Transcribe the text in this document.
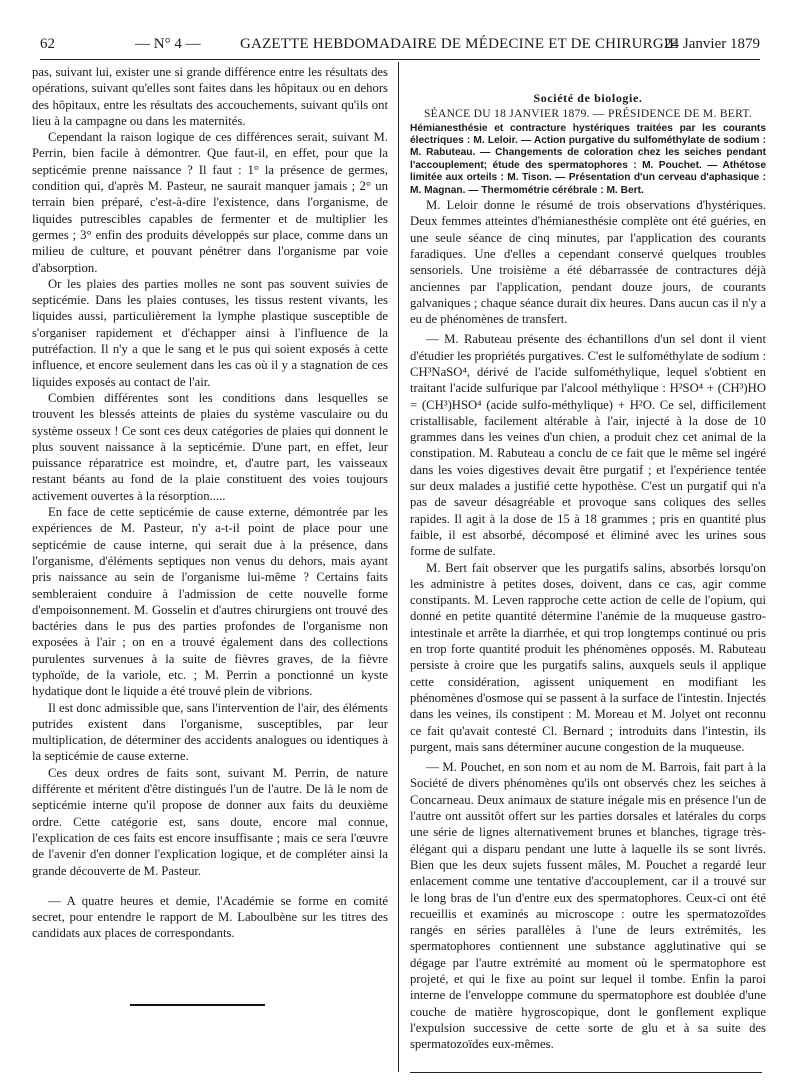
62	— N° 4 —	GAZETTE HEBDOMADAIRE DE MÉDECINE ET DE CHIRURGIE
24 Janvier 1879

pas, suivant lui, exister une si grande différence entre les résultats des opérations, suivant qu'elles sont faites dans les hôpitaux ou en dehors des hôpitaux, entre les résultats des accouchements, suivant qu'ils ont lieu à la campagne ou dans les maternités.

Cependant la raison logique de ces différences serait, suivant M. Perrin, bien facile à démontrer. Que faut-il, en effet, pour que la septicémie prenne naissance ? Il faut : 1° la présence de germes, condition qui, d'après M. Pasteur, ne saurait manquer jamais ; 2° un terrain bien préparé, c'est-à-dire l'existence, dans l'organisme, de liquides putrescibles capables de fermenter et de multiplier les germes ; 3° enfin des produits développés sur place, comme dans un milieu de culture, et pouvant pénétrer dans l'organisme par voie d'absorption.

Or les plaies des parties molles ne sont pas souvent suivies de septicémie. Dans les plaies contuses, les tissus restent vivants, les liquides aussi, particulièrement la lymphe plastique susceptible de s'organiser rapidement et d'échapper ainsi à l'influence de la putréfaction. Il n'y a que le sang et le pus qui soient exposés à cette influence, et encore seulement dans les cas où il y a stagnation de ces liquides exposés au contact de l'air.

Combien différentes sont les conditions dans lesquelles se trouvent les blessés atteints de plaies du système vasculaire ou du système osseux ! Ce sont ces deux catégories de plaies qui donnent le plus souvent naissance à la septicémie. D'une part, en effet, leur puissance réparatrice est moindre, et, d'autre part, les vaisseaux restant béants au fond de la plaie constituent des voies toujours activement ouvertes à la résorption.....

En face de cette septicémie de cause externe, démontrée par les expériences de M. Pasteur, n'y a-t-il point de place pour une septicémie de cause interne, qui serait due à la présence, dans l'organisme, d'éléments septiques non venus du dehors, mais ayant pris naissance au sein de l'organisme lui-même ? Certains faits sembleraient conduire à l'admission de cette nouvelle forme d'empoisonnement. M. Gosselin et d'autres chirurgiens ont trouvé des bactéries dans le pus des parties profondes de l'organisme non exposées à l'air ; on en a trouvé également dans des collections purulentes survenues à la suite de fièvres graves, de la fièvre typhoïde, de la variole, etc. ; M. Perrin a ponctionné un kyste hydatique dont le liquide a été trouvé plein de vibrions.

Il est donc admissible que, sans l'intervention de l'air, des éléments putrides existent dans l'organisme, susceptibles, par leur multiplication, de déterminer des accidents analogues ou identiques à la septicémie de cause externe.

Ces deux ordres de faits sont, suivant M. Perrin, de nature différente et méritent d'être distingués l'un de l'autre. De là le nom de septicémie interne qu'il propose de donner aux faits du deuxième ordre. Cette catégorie est, sans doute, encore mal connue, l'explication de ces faits est encore insuffisante ; mais ce sera l'œuvre de l'avenir d'en donner l'explication logique, et de compléter ainsi la grande découverte de M. Pasteur.

— A quatre heures et demie, l'Académie se forme en comité secret, pour entendre le rapport de M. Laboulbène sur les titres des candidats aux places de correspondants.

Société de biologie.

SÉANCE DU 18 JANVIER 1879. — PRÉSIDENCE DE M. BERT.

Hémianesthésie et contracture hystériques traitées par les courants électriques : M. Leloir. — Action purgative du sulfométhylate de sodium : M. Rabuteau. — Changements de coloration chez les seiches pendant l'accouplement; étude des spermatophores : M. Pouchet. — Athétose limitée aux orteils : M. Tison. — Présentation d'un cerveau d'aphasique : M. Magnan. — Thermométrie cérébrale : M. Bert.

M. Leloir donne le résumé de trois observations d'hystériques. Deux femmes atteintes d'hémianesthésie complète ont été guéries, en une seule séance de cinq minutes, par l'application des courants faradiques. Une d'elles a cependant conservé quelques troubles sensoriels. Une troisième a été débarrassée de contractures déjà anciennes par l'application, pendant douze jours, de courants galvaniques ; chaque séance durait dix heures. Dans aucun cas il n'y a eu de phénomènes de transfert.

— M. Rabuteau présente des échantillons d'un sel dont il vient d'étudier les propriétés purgatives. C'est le sulfométhylate de sodium : CH³NaSO⁴, dérivé de l'acide sulfométhylique, lequel s'obtient en traitant l'acide sulfurique par l'alcool méthylique : H²SO⁴ + (CH³)HO = (CH³)HSO⁴ (acide sulfo-méthylique) + H²O. Ce sel, difficilement cristallisable, facilement altérable à l'air, injecté à la dose de 10 grammes dans les veines d'un chien, a produit chez cet animal de la constipation. M. Rabuteau a conclu de ce fait que le même sel ingéré dans les voies digestives devait être purgatif ; et l'expérience tentée sur deux malades a justifié cette hypothèse. C'est un purgatif qui n'a pas de saveur désagréable et provoque sans coliques des selles rapides. Il agit à la dose de 15 à 18 grammes ; pris en quantité plus faible, il est absorbé, décomposé et éliminé avec les urines sous forme de sulfate.

M. Bert fait observer que les purgatifs salins, absorbés lorsqu'on les administre à petites doses, doivent, dans ce cas, agir comme constipants. M. Leven rapproche cette action de celle de l'opium, qui donné en petite quantité détermine l'anémie de la muqueuse gastro-intestinale et arrête la diarrhée, et qui trop longtemps continué ou pris en trop forte quantité produit les phénomènes opposés. M. Rabuteau persiste à croire que les purgatifs salins, auxquels seuls il applique cette considération, agissent uniquement en modifiant les phénomènes d'osmose qui se passent à la surface de l'intestin. Injectés dans les veines, ils constipent : M. Moreau et M. Jolyet ont reconnu ce fait qu'avait contesté Cl. Bernard ; introduits dans l'intestin, ils purgent, mais sans déterminer aucune congestion de la muqueuse.

— M. Pouchet, en son nom et au nom de M. Barrois, fait part à la Société de divers phénomènes qu'ils ont observés chez les seiches à Concarneau. Deux animaux de stature inégale mis en présence l'un de l'autre ont aussitôt offert sur les parties dorsales et latérales du corps une série de lignes alternativement brunes et blanches, tigrage très-élégant qui a disparu pendant une lutte à laquelle ils se sont livrés. Bien que les deux sujets fussent mâles, M. Pouchet a regardé leur enlacement comme une tentative d'accouplement, car il a trouvé sur le long bras de l'un d'entre eux des spermatophores. Ceux-ci ont été recueillis et examinés au microscope : outre les spermatozoïdes rangés en séries parallèles à l'une de leurs extrémités, les spermatophores contiennent une substance agglutinative qui se dégage par l'autre extrémité au moment où le spermatophore est projeté, et qui le fixe au point sur lequel il tombe. Enfin la paroi interne de l'enveloppe commune du spermatophore est doublée d'une couche de matière hygroscopique, dont le gonflement explique l'expulsion successive de cette sorte de glu et à sa suite des spermatozoïdes eux-mêmes.
